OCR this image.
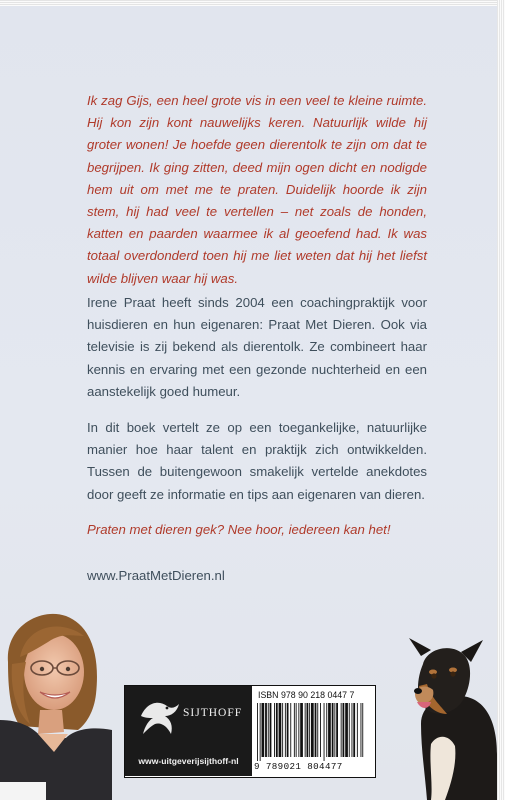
Ik zag Gijs, een heel grote vis in een veel te kleine ruimte. Hij kon zijn kont nauwelijks keren. Natuurlijk wilde hij groter wonen! Je hoefde geen dierentolk te zijn om dat te begrijpen. Ik ging zitten, deed mijn ogen dicht en nodigde hem uit om met me te praten. Duidelijk hoorde ik zijn stem, hij had veel te vertellen – net zoals de honden, katten en paarden waarmee ik al geoefend had. Ik was totaal overdonderd toen hij me liet weten dat hij het liefst wilde blijven waar hij was.

Irene Praat heeft sinds 2004 een coachingpraktijk voor huisdieren en hun eigenaren: Praat Met Dieren. Ook via televisie is zij bekend als dierentolk. Ze combineert haar kennis en ervaring met een gezonde nuchterheid en een aanstekelijk goed humeur.

In dit boek vertelt ze op een toegankelijke, natuurlijke manier hoe haar talent en praktijk zich ontwikkelden. Tussen de buitengewoon smakelijk vertelde anekdotes door geeft ze informatie en tips aan eigenaren van dieren.

Praten met dieren gek? Nee hoor, iedereen kan het!

www.PraatMetDieren.nl

SIJTHOFF
www-uitgeverijsijthoff-nl
ISBN 978 90 218 0447 7
9 789021 804477
